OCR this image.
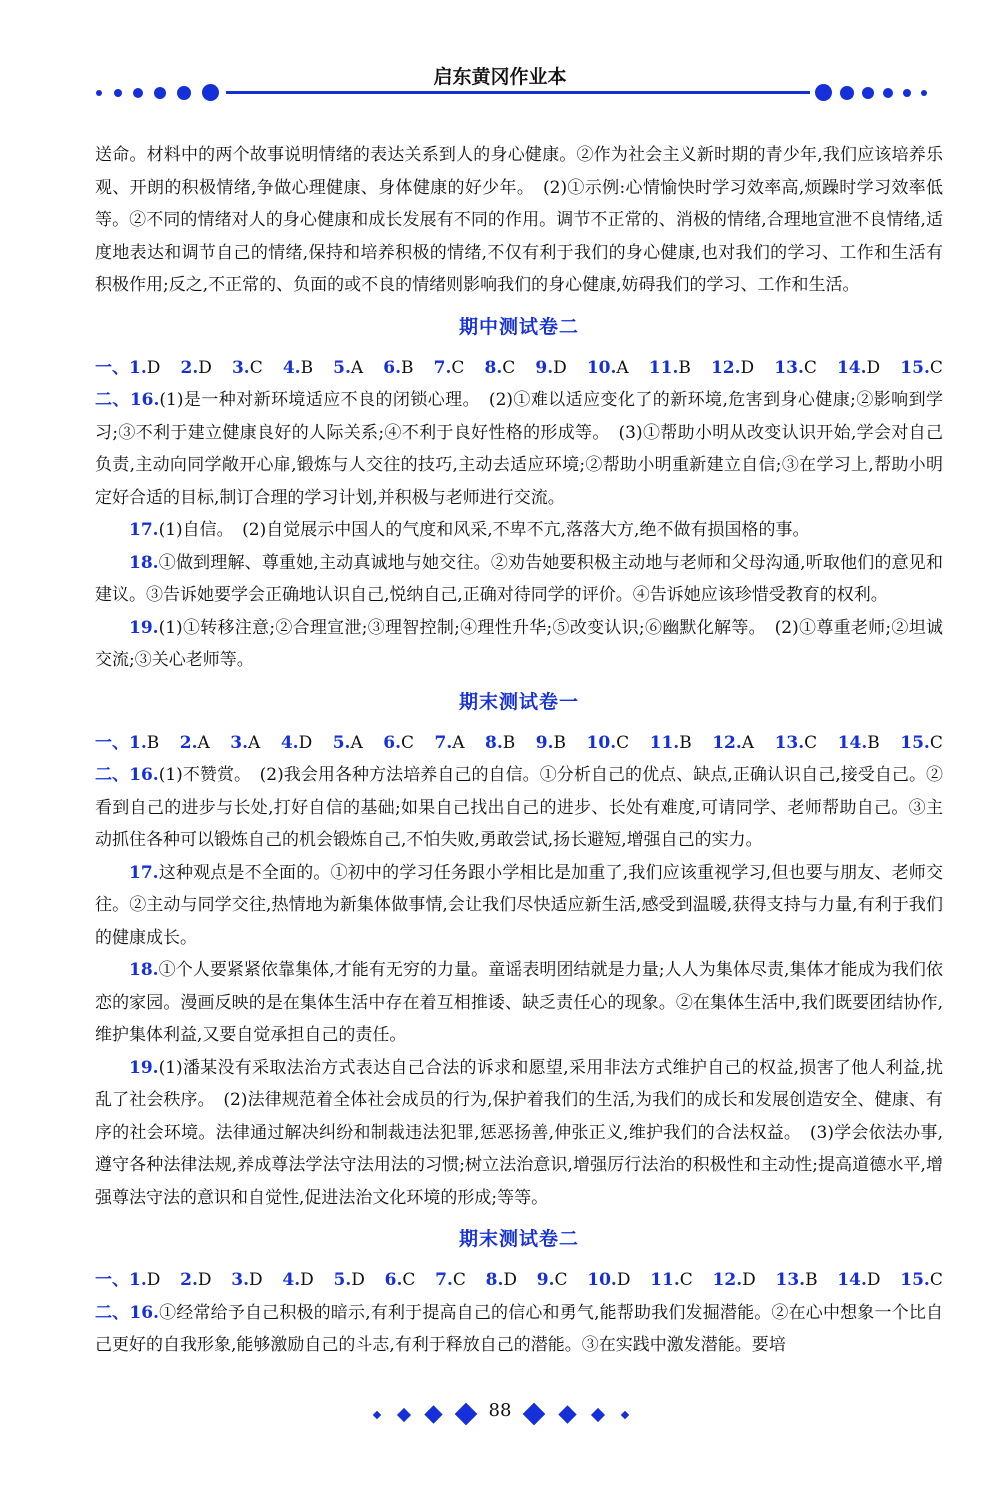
启东黄冈作业本

送命。材料中的两个故事说明情绪的表达关系到人的身心健康。②作为社会主义新时期的青少年,我们应该培养乐观、开朗的积极情绪,争做心理健康、身体健康的好少年。　(2)①示例:心情愉快时学习效率高,烦躁时学习效率低等。②不同的情绪对人的身心健康和成长发展有不同的作用。调节不正常的、消极的情绪,合理地宣泄不良情绪,适度地表达和调节自己的情绪,保持和培养积极的情绪,不仅有利于我们的身心健康,也对我们的学习、工作和生活有积极作用;反之,不正常的、负面的或不良的情绪则影响我们的身心健康,妨碍我们的学习、工作和生活。

期中测试卷二
一、1.D 2.D 3.C 4.B 5.A 6.B 7.C 8.C 9.D 10.A 11.B 12.D 13.C 14.D 15.C

二、16.(1)是一种对新环境适应不良的闭锁心理。　(2)①难以适应变化了的新环境,危害到身心健康;②影响到学习;③不利于建立健康良好的人际关系;④不利于良好性格的形成等。　(3)①帮助小明从改变认识开始,学会对自己负责,主动向同学敞开心扉,锻炼与人交往的技巧,主动去适应环境;②帮助小明重新建立自信;③在学习上,帮助小明定好合适的目标,制订合理的学习计划,并积极与老师进行交流。

17.(1)自信。　(2)自觉展示中国人的气度和风采,不卑不亢,落落大方,绝不做有损国格的事。

18.①做到理解、尊重她,主动真诚地与她交往。②劝告她要积极主动地与老师和父母沟通,听取他们的意见和建议。③告诉她要学会正确地认识自己,悦纳自己,正确对待同学的评价。④告诉她应该珍惜受教育的权利。

19.(1)①转移注意;②合理宣泄;③理智控制;④理性升华;⑤改变认识;⑥幽默化解等。　(2)①尊重老师;②坦诚交流;③关心老师等。

期末测试卷一
一、1.B 2.A 3.A 4.D 5.A 6.C 7.A 8.B 9.B 10.C 11.B 12.A 13.C 14.B 15.C

二、16.(1)不赞赏。　(2)我会用各种方法培养自己的自信。①分析自己的优点、缺点,正确认识自己,接受自己。②看到自己的进步与长处,打好自信的基础;如果自己找出自己的进步、长处有难度,可请同学、老师帮助自己。③主动抓住各种可以锻炼自己的机会锻炼自己,不怕失败,勇敢尝试,扬长避短,增强自己的实力。

17.这种观点是不全面的。①初中的学习任务跟小学相比是加重了,我们应该重视学习,但也要与朋友、老师交往。②主动与同学交往,热情地为新集体做事情,会让我们尽快适应新生活,感受到温暖,获得支持与力量,有利于我们的健康成长。

18.①个人要紧紧依靠集体,才能有无穷的力量。童谣表明团结就是力量;人人为集体尽责,集体才能成为我们依恋的家园。漫画反映的是在集体生活中存在着互相推诿、缺乏责任心的现象。②在集体生活中,我们既要团结协作,维护集体利益,又要自觉承担自己的责任。

19.(1)潘某没有采取法治方式表达自己合法的诉求和愿望,采用非法方式维护自己的权益,损害了他人利益,扰乱了社会秩序。　(2)法律规范着全体社会成员的行为,保护着我们的生活,为我们的成长和发展创造安全、健康、有序的社会环境。法律通过解决纠纷和制裁违法犯罪,惩恶扬善,伸张正义,维护我们的合法权益。　(3)学会依法办事,遵守各种法律法规,养成尊法学法守法用法的习惯;树立法治意识,增强厉行法治的积极性和主动性;提高道德水平,增强尊法守法的意识和自觉性,促进法治文化环境的形成;等等。

期末测试卷二
一、1.D 2.D 3.D 4.D 5.D 6.C 7.C 8.D 9.C 10.D 11.C 12.D 13.B 14.D 15.C

二、16.①经常给予自己积极的暗示,有利于提高自己的信心和勇气,能帮助我们发掘潜能。②在心中想象一个比自己更好的自我形象,能够激励自己的斗志,有利于释放自己的潜能。③在实践中激发潜能。要培

88
